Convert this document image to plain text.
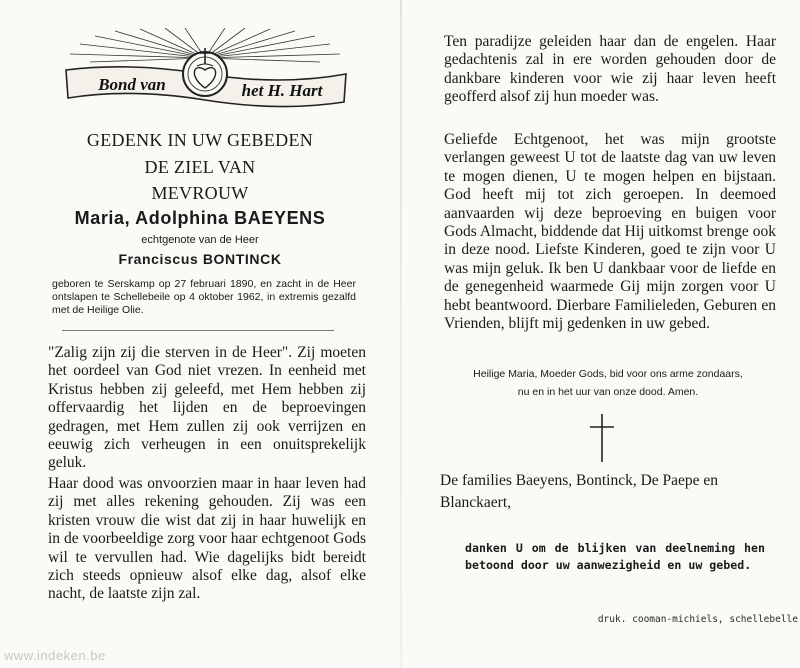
Bond van	het H. Hart
GEDENK IN UW GEBEDEN
DE ZIEL VAN
MEVROUW
Maria, Adolphina BAEYENS
echtgenote van de Heer
Franciscus BONTINCK

geboren te Serskamp op 27 februari 1890, en zacht in de Heer ontslapen te Schellebeile op 4 oktober 1962, in extremis gezalfd met de Heilige Olie.

"Zalig zijn zij die sterven in de Heer". Zij moeten het oordeel van God niet vrezen. In eenheid met Kristus hebben zij geleefd, met Hem hebben zij offervaardig het lijden en de beproevingen gedragen, met Hem zullen zij ook verrijzen en eeuwig zich verheugen in een onuitsprekelijk geluk.

Haar dood was onvoorzien maar in haar leven had zij met alles rekening gehouden. Zij was een kristen vrouw die wist dat zij in haar huwelijk en in de voorbeeldige zorg voor haar echtgenoot Gods wil te vervullen had. Wie dagelijks bidt bereidt zich steeds opnieuw alsof elke dag, alsof elke nacht, de laatste zijn zal.

Ten paradijze geleiden haar dan de engelen. Haar gedachtenis zal in ere worden gehouden door de dankbare kinderen voor wie zij haar leven heeft geofferd alsof zij hun moeder was.

Geliefde Echtgenoot, het was mijn grootste verlangen geweest U tot de laatste dag van uw leven te mogen dienen, U te mogen helpen en bijstaan. God heeft mij tot zich geroepen. In deemoed aanvaarden wij deze beproeving en buigen voor Gods Almacht, biddende dat Hij uitkomst brenge ook in deze nood. Liefste Kinderen, goed te zijn voor U was mijn geluk. Ik ben U dankbaar voor de liefde en de genegenheid waarmede Gij mijn zorgen voor U hebt beantwoord. Dierbare Familieleden, Geburen en Vrienden, blijft mij gedenken in uw gebed.

Heilige Maria, Moeder Gods, bid voor ons arme zondaars,

nu en in het uur van onze dood. Amen.

De families Baeyens, Bontinck, De Paepe en Blanckaert,

danken U om de blijken van deelneming hen betoond door uw aanwezigheid en uw gebed.

druk. cooman-michiels, schellebelle

www.indeken.be
